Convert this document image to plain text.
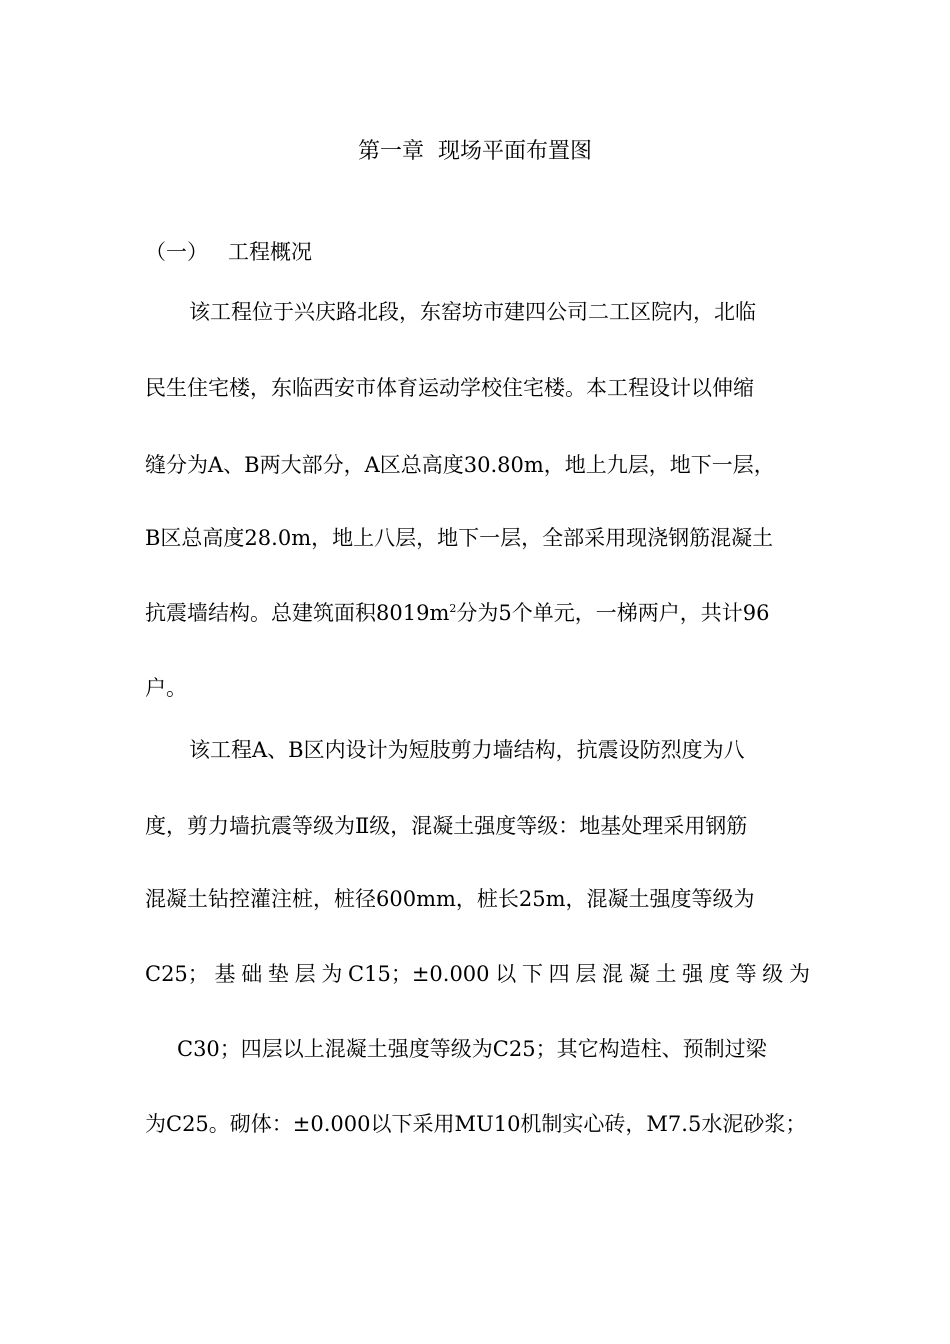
第一章  现场平面布置图
（一）   工程概况
该工程位于兴庆路北段，东窑坊市建四公司二工区院内，北临
民生住宅楼，东临西安市体育运动学校住宅楼。本工程设计以伸缩
缝分为A、B两大部分，A区总高度30.80m，地上九层，地下一层，
B区总高度28.0m，地上八层，地下一层，全部采用现浇钢筋混凝土
抗震墙结构。总建筑面积$8019m^2$分为5个单元，一梯两户，共计96
户。
该工程A、B区内设计为短肢剪力墙结构，抗震设防烈度为八
度，剪力墙抗震等级为Ⅱ级，混凝土强度等级：地基处理采用钢筋
混凝土钻控灌注桩，桩径600mm，桩长25m，混凝土强度等级为
C25；基础垫层为C15；±0.000以下四层混凝土强度等级为
C30；四层以上混凝土强度等级为C25；其它构造柱、预制过梁
为C25。砌体：±0.000以下采用MU10机制实心砖，M7.5水泥砂浆；
